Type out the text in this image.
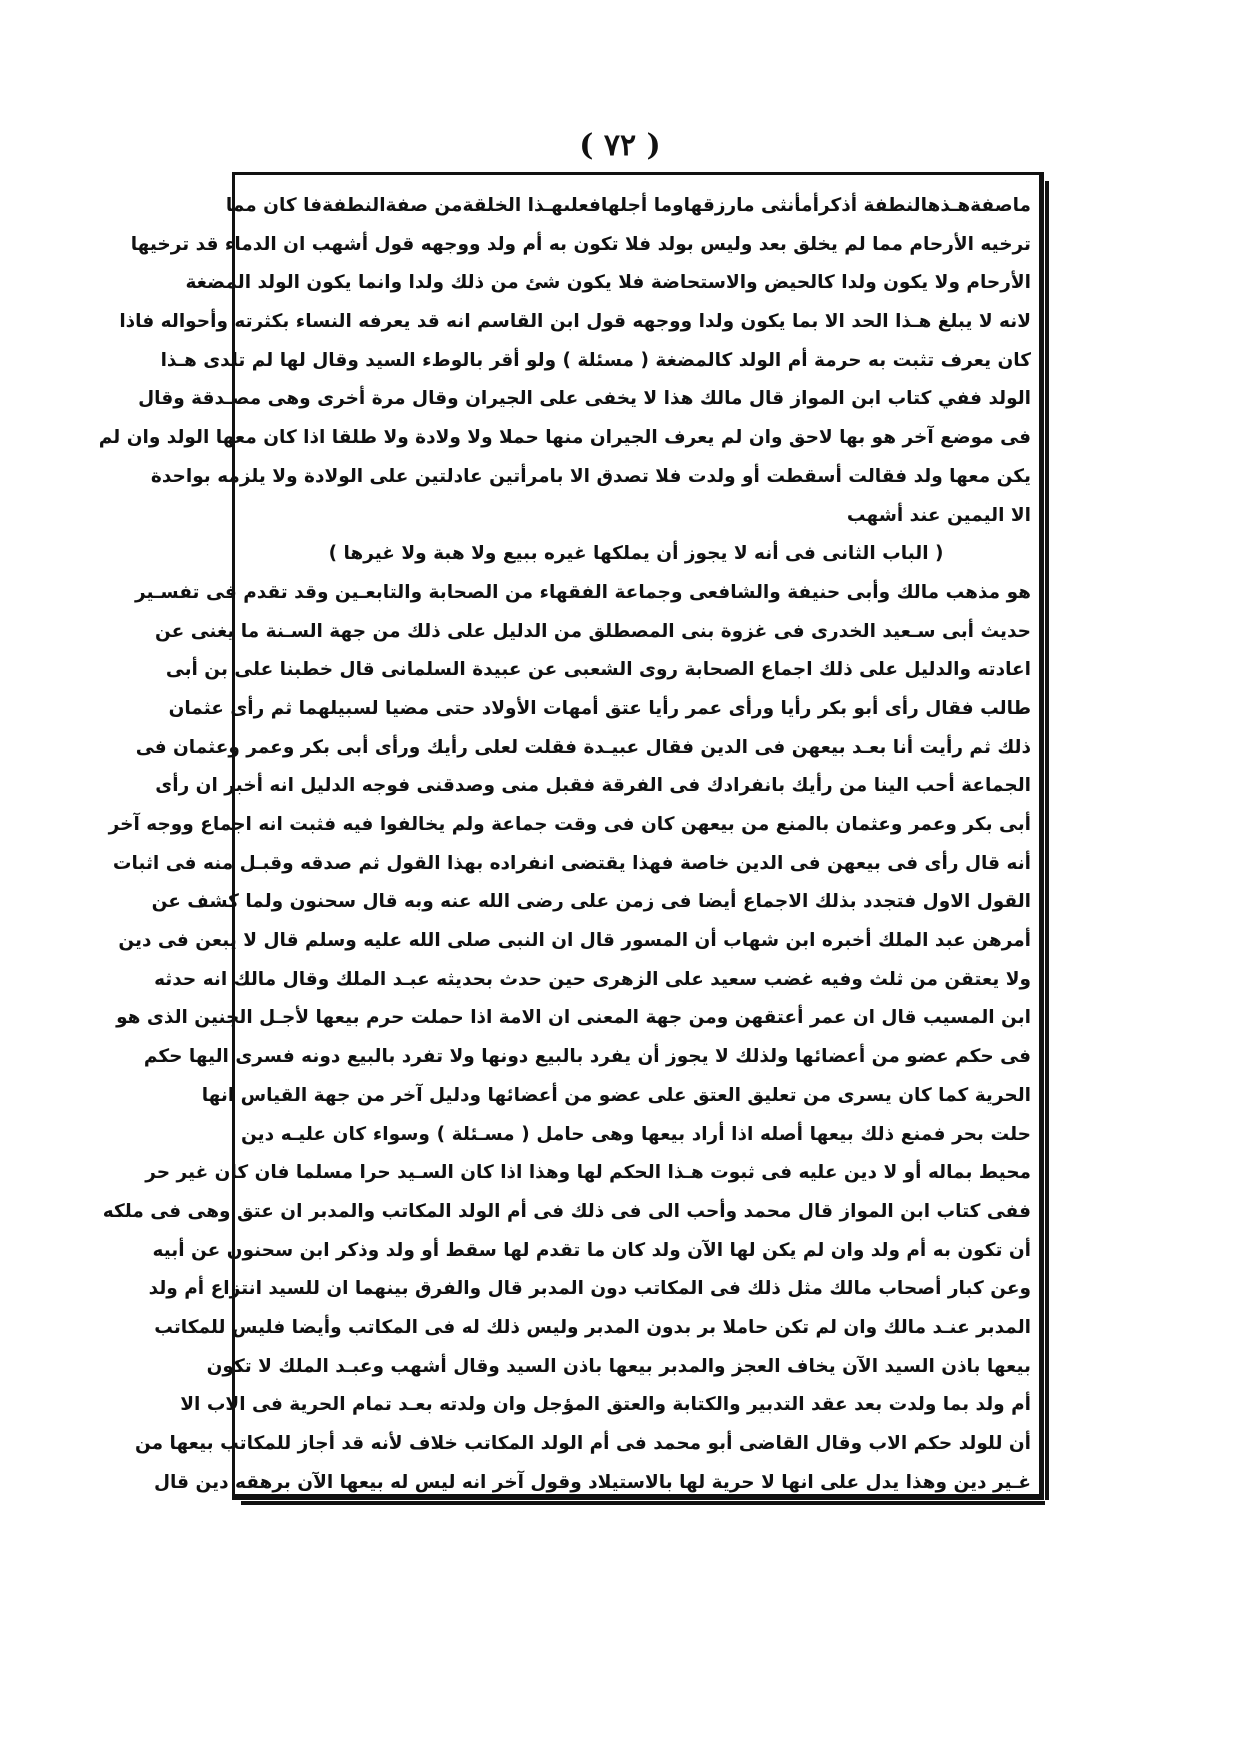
( ٧٢ )
ماصفةهـذهالنطفة أذكرأمأنثى مارزقهاوما أجلهافعلىهـذا الخلقةمن صفةالنطفةفا كان مما
ترخيه الأرحام مما لم يخلق بعد وليس بولد فلا تكون به أم ولد ووجهه قول أشهب ان الدماء قد ترخيها
الأرحام ولا يكون ولدا كالحيض والاستحاضة فلا يكون شئ من ذلك ولدا وانما يكون الولد المضغة
لانه لا يبلغ هـذا الحد الا بما يكون ولدا ووجهه قول ابن القاسم انه قد يعرفه النساء بكثرته وأحواله فاذا
كان يعرف تثبت به حرمة أم الولد كالمضغة ( مسئلة ) ولو أقر بالوطء السيد وقال لها لم تلدى هـذا
الولد ففي كتاب ابن المواز قال مالك هذا لا يخفى على الجيران وقال مرة أخرى وهى مصـدقة وقال
فى موضع آخر هو بها لاحق وان لم يعرف الجيران منها حملا ولا ولادة ولا طلقا اذا كان معها الولد وان لم
يكن معها ولد فقالت أسقطت أو ولدت فلا تصدق الا بامرأتين عادلتين على الولادة ولا يلزمه بواحدة
الا اليمين عند أشهب
( الباب الثانى فى أنه لا يجوز أن يملكها غيره ببيع ولا هبة ولا غيرها )
هو مذهب مالك وأبى حنيفة والشافعى وجماعة الفقهاء من الصحابة والتابعـين وقد تقدم فى تفسـير
حديث أبى سـعيد الخدرى فى غزوة بنى المصطلق من الدليل على ذلك من جهة السـنة ما يغنى عن
اعادته والدليل على ذلك اجماع الصحابة روى الشعبى عن عبيدة السلمانى قال خطبنا على بن أبى
طالب فقال رأى أبو بكر رأيا ورأى عمر رأيا عتق أمهات الأولاد حتى مضيا لسبيلهما ثم رأى عثمان
ذلك ثم رأيت أنا بعـد بيعهن فى الدين فقال عبيـدة فقلت لعلى رأيك ورأى أبى بكر وعمر وعثمان فى
الجماعة أحب الينا من رأيك بانفرادك فى الفرقة فقبل منى وصدقنى فوجه الدليل انه أخبر ان رأى
أبى بكر وعمر وعثمان بالمنع من بيعهن كان فى وقت جماعة ولم يخالفوا فيه فثبت انه اجماع ووجه آخر
أنه قال رأى فى بيعهن فى الدين خاصة فهذا يقتضى انفراده بهذا القول ثم صدقه وقبـل منه فى اثبات
القول الاول فتجدد بذلك الاجماع أيضا فى زمن على رضى الله عنه وبه قال سحنون ولما كشف عن
أمرهن عبد الملك أخبره ابن شهاب أن المسور قال ان النبى صلى الله عليه وسلم قال لا يبعن فى دين
ولا يعتقن من ثلث وفيه غضب سعيد على الزهرى حين حدث بحديثه عبـد الملك وقال مالك انه حدثه
ابن المسيب قال ان عمر أعتقهن ومن جهة المعنى ان الامة اذا حملت حرم بيعها لأجـل الجنين الذى هو
فى حكم عضو من أعضائها ولذلك لا يجوز أن يفرد بالبيع دونها ولا تفرد بالبيع دونه فسرى اليها حكم
الحرية كما كان يسرى من تعليق العتق على عضو من أعضائها ودليل آخر من جهة القياس انها
حلت بحر فمنع ذلك بيعها أصله اذا أراد بيعها وهى حامل ( مسـئلة ) وسواء كان عليـه دين
محيط بماله أو لا دين عليه فى ثبوت هـذا الحكم لها وهذا اذا كان السـيد حرا مسلما فان كان غير حر
ففى كتاب ابن المواز قال محمد وأحب الى فى ذلك فى أم الولد المكاتب والمدبر ان عتق وهى فى ملكه
أن تكون به أم ولد وان لم يكن لها الآن ولد كان ما تقدم لها سقط أو ولد وذكر ابن سحنون عن أبيه
وعن كبار أصحاب مالك مثل ذلك فى المكاتب دون المدبر قال والفرق بينهما ان للسيد انتزاع أم ولد
المدبر عنـد مالك وان لم تكن حاملا بر بدون المدبر وليس ذلك له فى المكاتب وأيضا فليس للمكاتب
بيعها باذن السيد الآن يخاف العجز والمدبر بيعها باذن السيد وقال أشهب وعبـد الملك لا تكون
أم ولد بما ولدت بعد عقد التدبير والكتابة والعتق المؤجل وان ولدته بعـد تمام الحرية فى الاب الا
أن للولد حكم الاب وقال القاضى أبو محمد فى أم الولد المكاتب خلاف لأنه قد أجاز للمكاتب بيعها من
غـير دين وهذا يدل على انها لا حرية لها بالاستيلاد وقول آخر انه ليس له بيعها الآن برهقه دين قال
